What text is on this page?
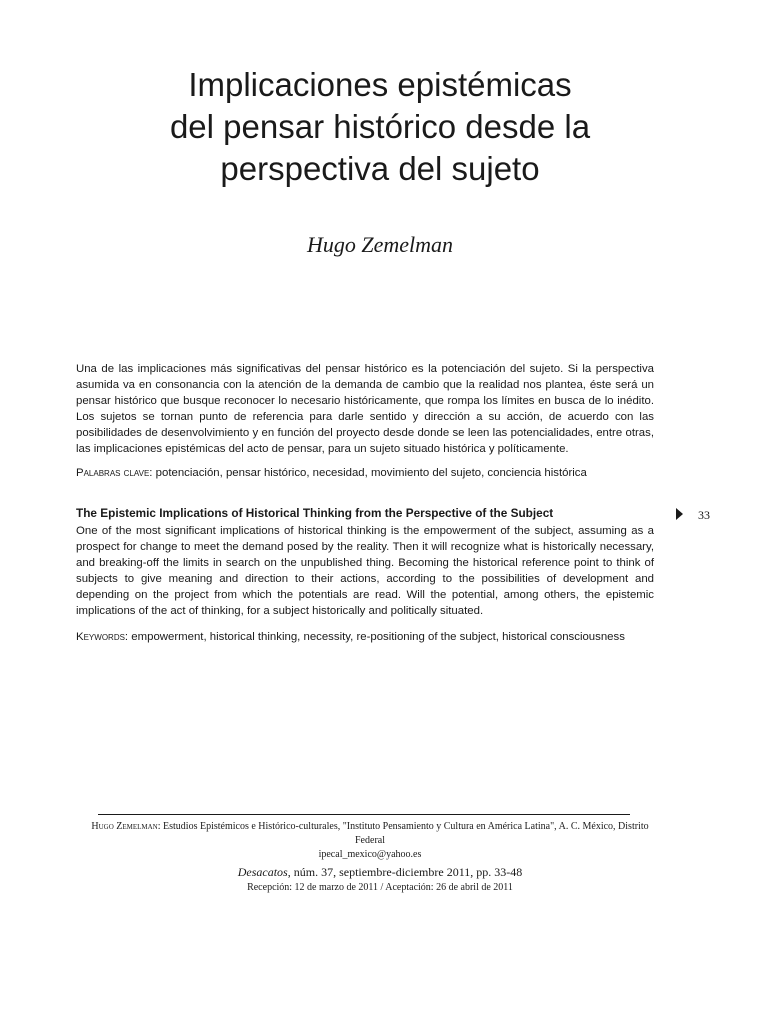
Implicaciones epistémicas
del pensar histórico desde la
perspectiva del sujeto
Hugo Zemelman

Una de las implicaciones más significativas del pensar histórico es la potenciación del sujeto. Si la perspectiva asumida va en consonancia con la atención de la demanda de cambio que la realidad nos plantea, éste será un pensar histórico que busque reconocer lo necesario históricamente, que rompa los límites en busca de lo inédito. Los sujetos se tornan punto de referencia para darle sentido y dirección a su acción, de acuerdo con las posibilidades de desenvolvimiento y en función del proyecto desde donde se leen las potencialidades, entre otras, las implicaciones epistémicas del acto de pensar, para un sujeto situado histórica y políticamente.

Palabras clave: potenciación, pensar histórico, necesidad, movimiento del sujeto, conciencia histórica

The Epistemic Implications of Historical Thinking from the Perspective of the Subject

One of the most significant implications of historical thinking is the empowerment of the subject, assuming as a prospect for change to meet the demand posed by the reality. Then it will recognize what is historically necessary, and breaking-off the limits in search on the unpublished thing. Becoming the historical reference point to think of subjects to give meaning and direction to their actions, according to the possibilities of development and depending on the project from which the potentials are read. Will the potential, among others, the epistemic implications of the act of thinking, for a subject historically and politically situated.

Keywords: empowerment, historical thinking, necessity, re-positioning of the subject, historical consciousness

33

Hugo Zemelman: Estudios Epistémicos e Histórico-culturales, "Instituto Pensamiento y Cultura en América Latina", A. C. México, Distrito Federal
ipecal_mexico@yahoo.es

Desacatos, núm. 37, septiembre-diciembre 2011, pp. 33-48

Recepción: 12 de marzo de 2011 / Aceptación: 26 de abril de 2011
